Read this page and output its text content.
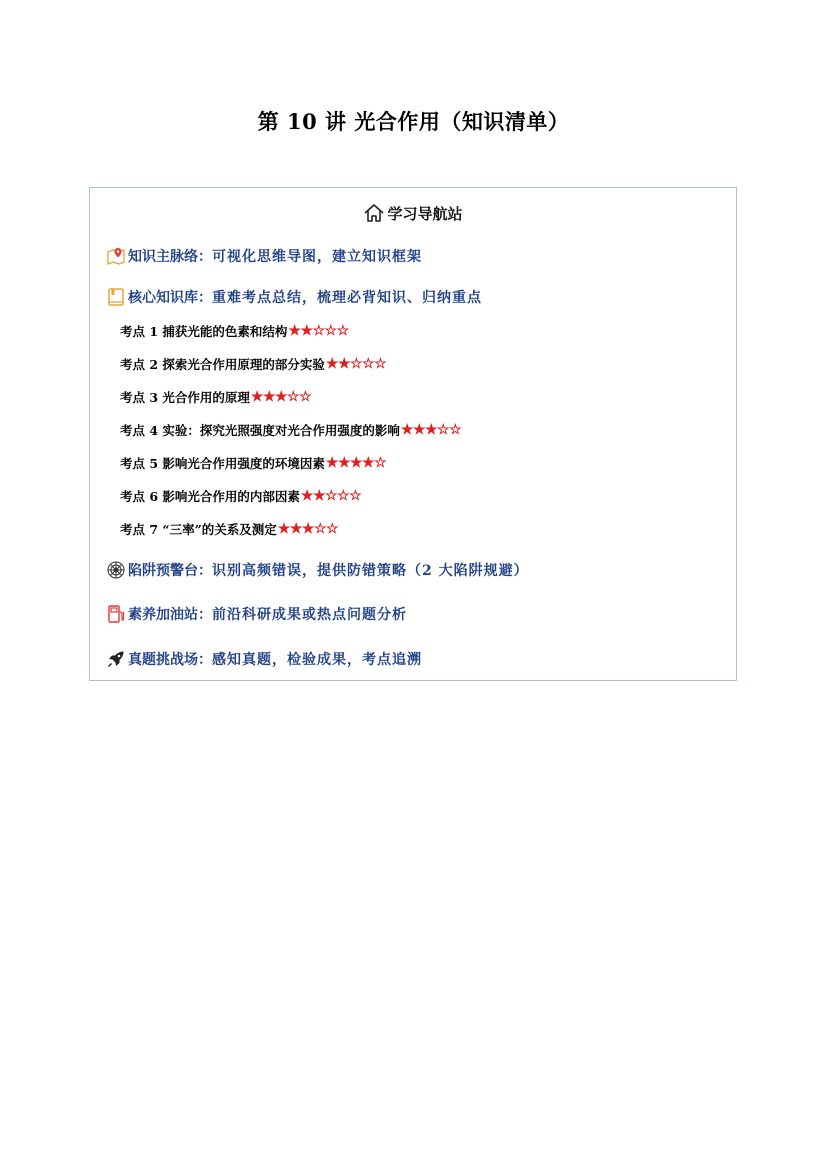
第 10 讲 光合作用（知识清单）
学习导航站
知识主脉络： 可视化思维导图，建立知识框架
核心知识库： 重难考点总结，梳理必背知识、归纳重点
考点 1 捕获光能的色素和结构 ★★☆☆☆
考点 2 探索光合作用原理的部分实验 ★★☆☆☆
考点 3 光合作用的原理 ★★★☆☆
考点 4 实验：探究光照强度对光合作用强度的影响 ★★★☆☆
考点 5 影响光合作用强度的环境因素 ★★★★☆
考点 6 影响光合作用的内部因素 ★★☆☆☆
考点 7 “三率”的关系及测定 ★★★☆☆
陷阱预警台： 识别高频错误，提供防错策略（2 大陷阱规避）
素养加油站： 前沿科研成果或热点问题分析
真题挑战场： 感知真题，检验成果，考点追溯
